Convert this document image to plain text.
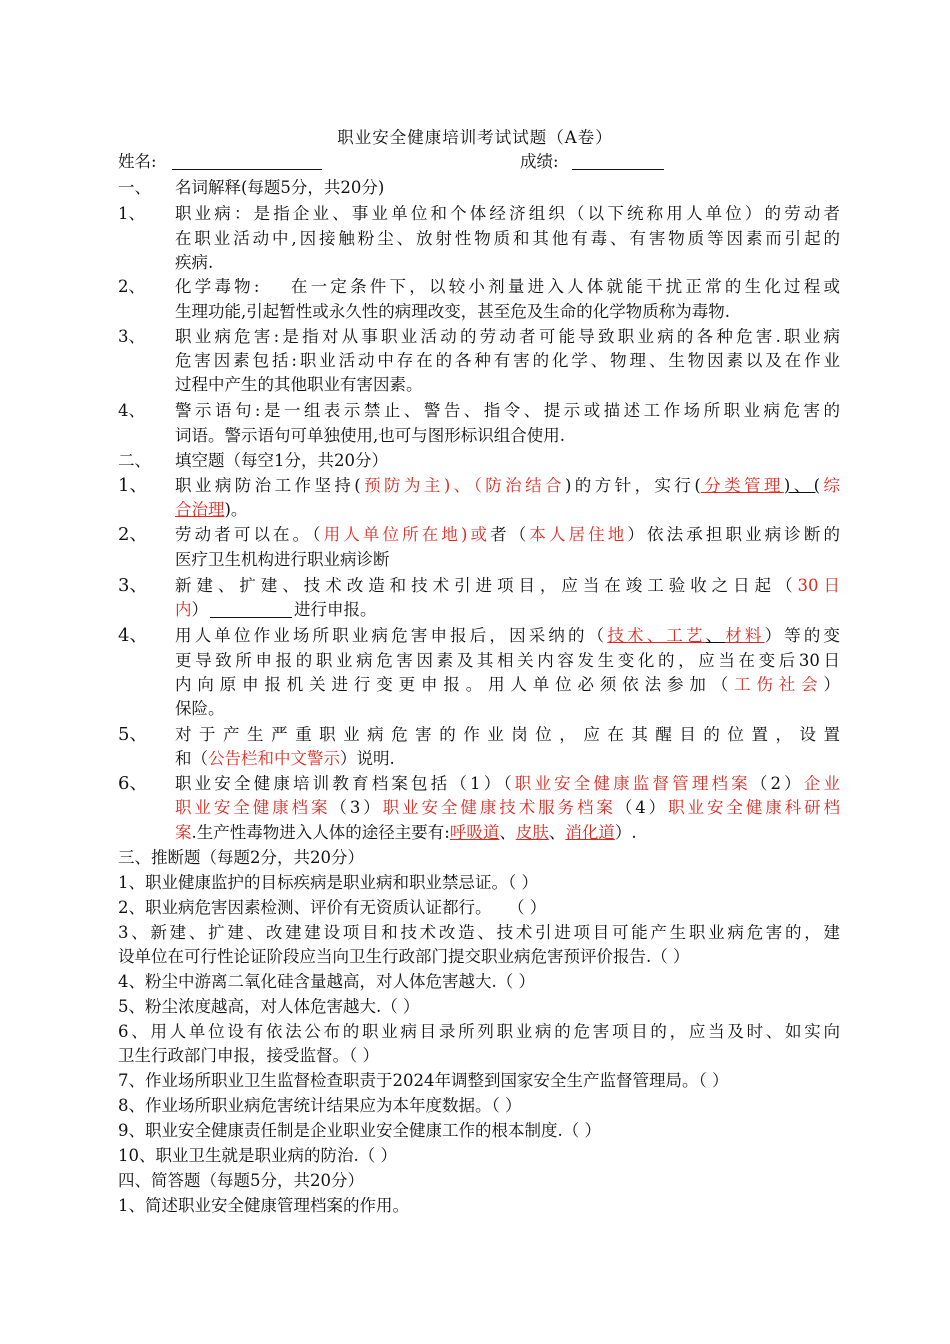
职业安全健康培训考试试题（A卷）
姓名:	成绩:
一、	名词解释(每题5分，共20分)
1、	职业病：是指企业、事业单位和个体经济组织（以下统称用人单位）的劳动者
在职业活动中,因接触粉尘、放射性物质和其他有毒、有害物质等因素而引起的
疾病.
2、	化学毒物:　 在一定条件下，以较小剂量进入人体就能干扰正常的生化过程或
生理功能,引起暂性或永久性的病理改变，甚至危及生命的化学物质称为毒物.
3、	职业病危害:是指对从事职业活动的劳动者可能导致职业病的各种危害.职业病
危害因素包括:职业活动中存在的各种有害的化学、物理、生物因素以及在作业
过程中产生的其他职业有害因素。
4、	警示语句:是一组表示禁止、警告、指令、提示或描述工作场所职业病危害的
词语。警示语句可单独使用,也可与图形标识组合使用.
二、	填空题（每空1分，共20分）
1、	职业病防治工作坚持(预防为主)、（防治结合)的方针，实行(分类管理)、(综
合治理)。
2、	劳动者可以在。（用人单位所在地)或者（本人居住地）依法承担职业病诊断的
医疗卫生机构进行职业病诊断
3、	新建、扩建、技术改造和技术引进项目，应当在竣工验收之日起（30日
内）	进行申报。
4、	用人单位作业场所职业病危害申报后，因采纳的（技术、工艺、材料）等的变
更导致所申报的职业病危害因素及其相关内容发生变化的，应当在变后30日
内向原申报机关进行变更申报。用人单位必须依法参加（工伤社会）
保险。
5、	对于产生严重职业病危害的作业岗位，应在其醒目的位置，设置
和（公告栏和中文警示）说明.
6、	职业安全健康培训教育档案包括（1）（职业安全健康监督管理档案（2）企业
职业安全健康档案（3）职业安全健康技术服务档案（4）职业安全健康科研档
案.生产性毒物进入人体的途径主要有:呼吸道、皮肤、消化道）.
三、推断题（每题2分，共20分）
1、职业健康监护的目标疾病是职业病和职业禁忌证。（ ）
2、职业病危害因素检测、评价有无资质认证都行。　　（ ）
3、新建、扩建、改建建设项目和技术改造、技术引进项目可能产生职业病危害的，建
设单位在可行性论证阶段应当向卫生行政部门提交职业病危害预评价报告.（ ）
4、粉尘中游离二氧化硅含量越高，对人体危害越大.（ ）
5、粉尘浓度越高，对人体危害越大.（ ）
6、用人单位设有依法公布的职业病目录所列职业病的危害项目的，应当及时、如实向
卫生行政部门申报，接受监督。（ ）
7、作业场所职业卫生监督检查职责于2024年调整到国家安全生产监督管理局。（ ）
8、作业场所职业病危害统计结果应为本年度数据。（ ）
9、职业安全健康责任制是企业职业安全健康工作的根本制度.（ ）
10、职业卫生就是职业病的防治.（ ）
四、简答题（每题5分，共20分）
1、简述职业安全健康管理档案的作用。
